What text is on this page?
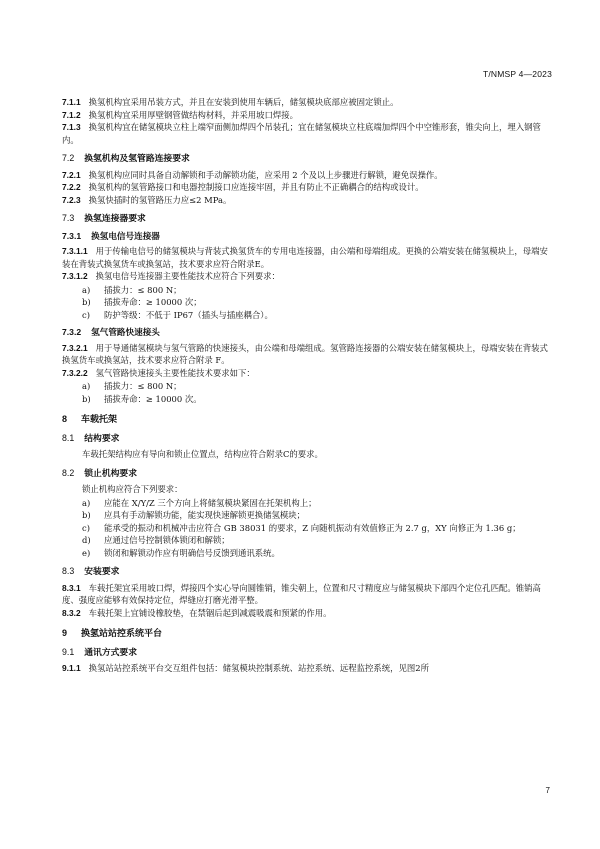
T/NMSP 4—2023
7.1.1 换氢机构宜采用吊装方式，并且在安装到使用车辆后，储氢模块底部应被固定锁止。
7.1.2 换氢机构宜采用厚壁钢管做结构材料，并采用坡口焊接。
7.1.3 换氢机构宜在储氢模块立柱上端窄面侧加焊四个吊装孔；宜在储氢模块立柱底端加焊四个中空锥形套，锥尖向上，埋入钢管内。
7.2 换氢机构及氢管路连接要求
7.2.1 换氢机构应同时具备自动解锁和手动解锁功能，应采用 2 个及以上步骤进行解锁，避免误操作。
7.2.2 换氢机构的氢管路接口和电器控制接口应连接牢固，并且有防止不正确耦合的结构或设计。
7.2.3 换氢快插时的氢管路压力应≤2 MPa。
7.3 换氢连接器要求
7.3.1 换氢电信号连接器
7.3.1.1 用于传输电信号的储氢模块与背装式换氢货车的专用电连接器，由公端和母端组成。更换的公端安装在储氢模块上，母端安装在背装式换氢货车或换氢站，技术要求应符合附录E。
7.3.1.2 换氢电信号连接器主要性能技术应符合下列要求：
a)	插拔力：≤ 800 N；
b)	插拔寿命：≥ 10000 次；
c)	防护等级：不低于 IP67（插头与插座耦合）。
7.3.2 氢气管路快速接头
7.3.2.1 用于导通储氢模块与氢气管路的快速接头，由公端和母端组成。氢管路连接器的公端安装在储氢模块上，母端安装在背装式换氢货车或换氢站，技术要求应符合附录 F。
7.3.2.2 氢气管路快速接头主要性能技术要求如下：
a)	插拔力：≤ 800 N；
b)	插拔寿命：≥ 10000 次。
8 车载托架
8.1 结构要求
车载托架结构应有导向和锁止位置点，结构应符合附录C的要求。
8.2 锁止机构要求
锁止机构应符合下列要求：
a)	应能在 X/Y/Z 三个方向上将储氢模块紧固在托架机构上；
b)	应具有手动解锁功能，能实现快速解锁更换储氢模块；
c)	能承受的振动和机械冲击应符合 GB 38031 的要求，Z 向随机振动有效值修正为 2.7 g，XY 向修正为 1.36 g；
d)	应通过信号控制锁体锁闭和解锁；
e)	锁闭和解锁动作应有明确信号反馈到通讯系统。
8.3 安装要求
8.3.1 车载托架宜采用坡口焊，焊接四个实心导向圆锥销，锥尖朝上，位置和尺寸精度应与储氢模块下部四个定位孔匹配。锥销高度、强度应能够有效保持定位，焊缝应打磨光滑平整。
8.3.2 车载托架上宜铺设橡胶垫，在禁锢后起到减震吸震和预紧的作用。
9 换氢站站控系统平台
9.1 通讯方式要求
9.1.1 换氢站站控系统平台交互组件包括：储氢模块控制系统、站控系统、远程监控系统，见图2所
7
